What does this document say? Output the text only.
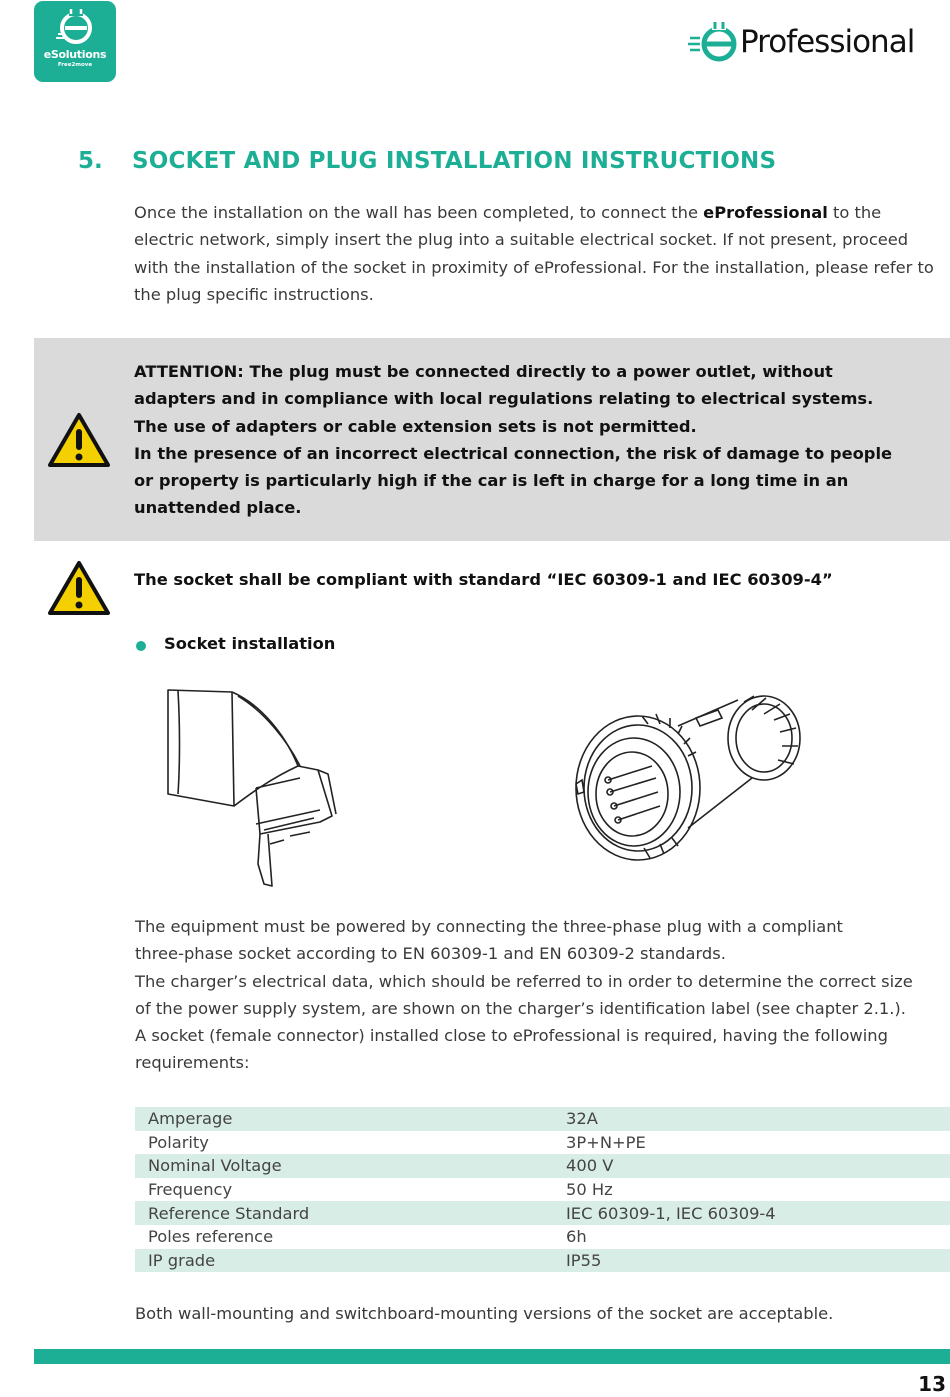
eSolutions
Free2move
Professional
5. SOCKET AND PLUG INSTALLATION INSTRUCTIONS
Once the installation on the wall has been completed, to connect the eProfessional to the electric network, simply insert the plug into a suitable electrical socket. If not present, proceed with the installation of the socket in proximity of eProfessional. For the installation, please refer to the plug specific instructions.
ATTENTION: The plug must be connected directly to a power outlet, without
adapters and in compliance with local regulations relating to electrical systems.
The use of adapters or cable extension sets is not permitted.
In the presence of an incorrect electrical connection, the risk of damage to people
or property is particularly high if the car is left in charge for a long time in an
unattended place.
The socket shall be compliant with standard “IEC 60309-1 and IEC 60309-4”
Socket installation
The equipment must be powered by connecting the three-phase plug with a compliant
three-phase socket according to EN 60309-1 and EN 60309-2 standards.
The charger’s electrical data, which should be referred to in order to determine the correct size
of the power supply system, are shown on the charger’s identification label (see chapter 2.1.).
A socket (female connector) installed close to eProfessional is required, having the following
requirements:
Amperage	32A
Polarity	3P+N+PE
Nominal Voltage	400 V
Frequency	50 Hz
Reference Standard	IEC 60309-1, IEC 60309-4
Poles reference	6h
IP grade	IP55
Both wall-mounting and switchboard-mounting versions of the socket are acceptable.
13
